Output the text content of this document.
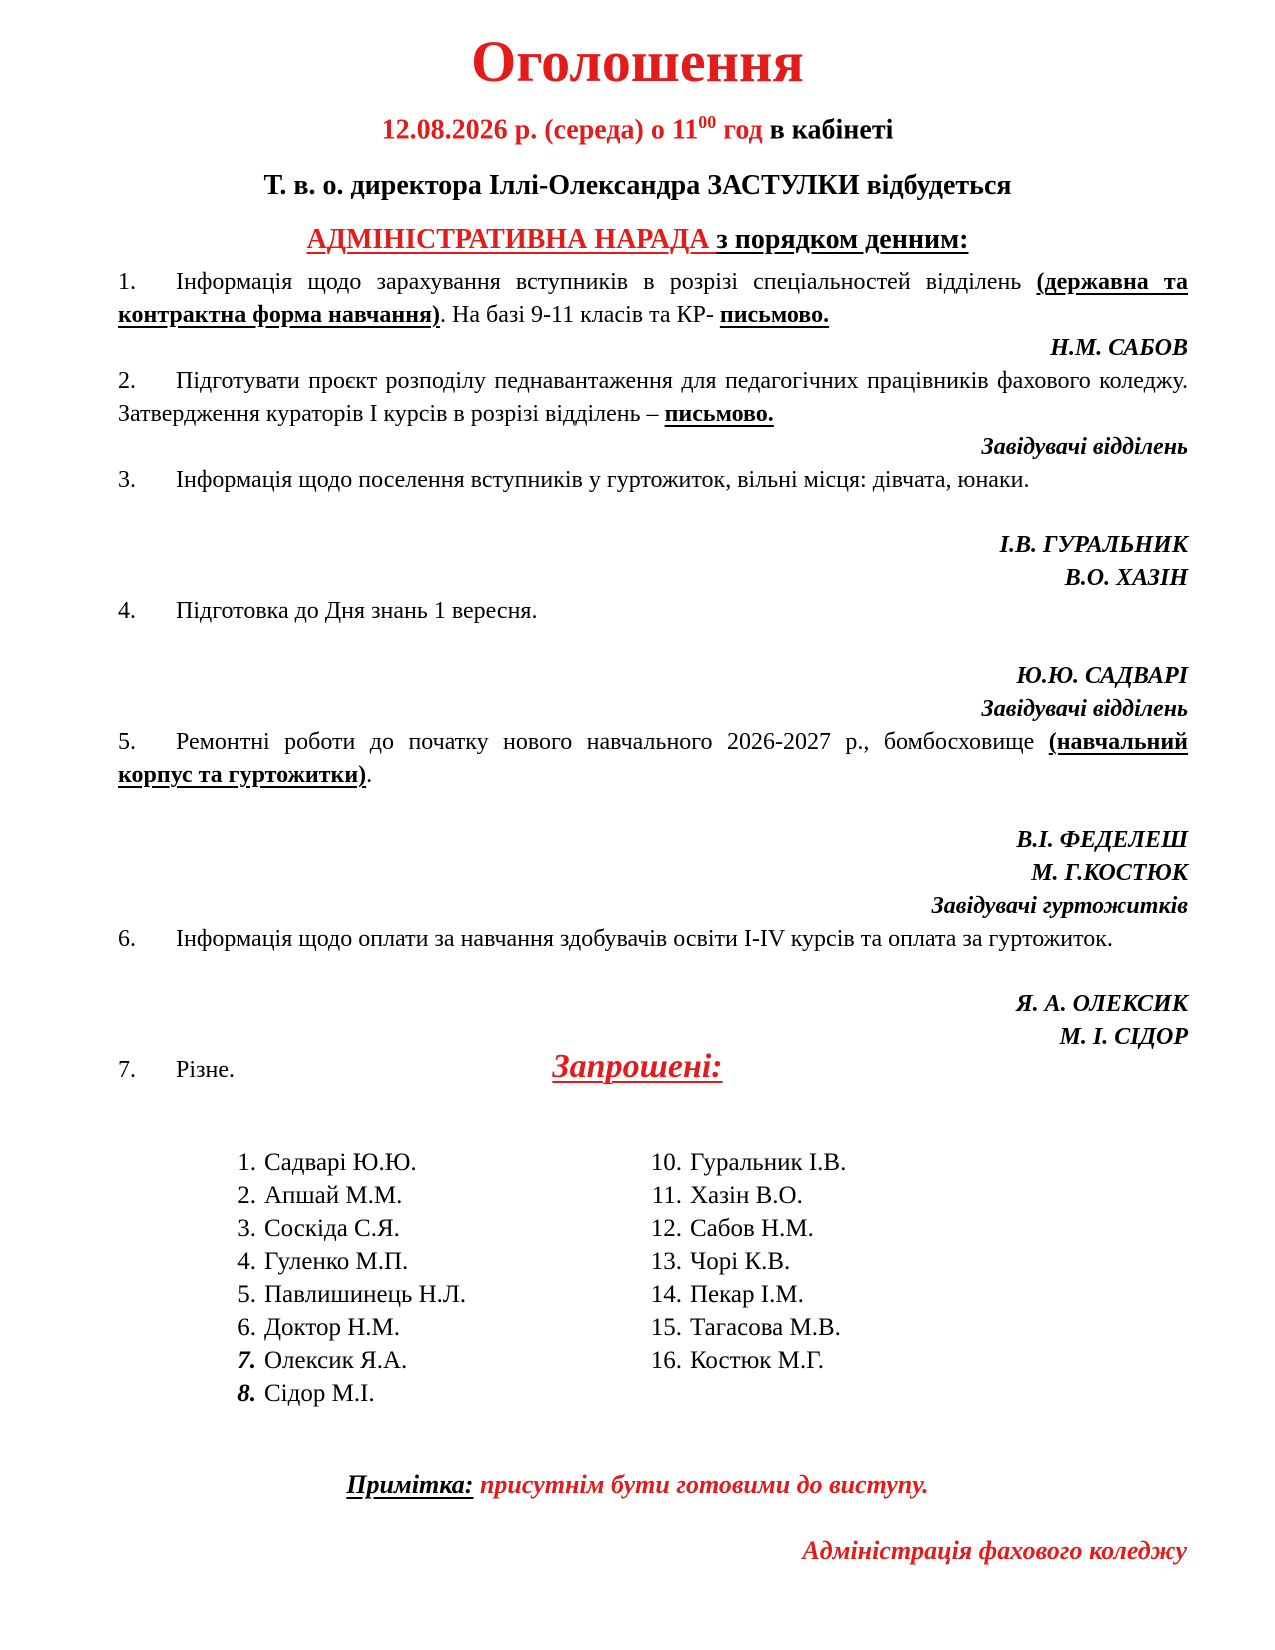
Оголошення
12.08.2026 р. (середа) о $11^{00}$ год в кабінеті
Т. в. о. директора Іллі-Олександра ЗАСТУЛКИ відбудеться
АДМІНІСТРАТИВНА НАРАДА з порядком денним:
1. Інформація щодо зарахування вступників в розрізі спеціальностей відділень (державна та контрактна форма навчання). На базі 9-11 класів та КР- письмово.
Н.М. САБОВ
2. Підготувати проєкт розподілу педнавантаження для педагогічних працівників фахового коледжу. Затвердження кураторів І курсів в розрізі відділень – письмово.
Завідувачі відділень
3. Інформація щодо поселення вступників у гуртожиток, вільні місця: дівчата, юнаки.
І.В. ГУРАЛЬНИК
В.О. ХАЗІН
4. Підготовка до Дня знань 1 вересня.
Ю.Ю. САДВАРІ
Завідувачі відділень
5. Ремонтні роботи до початку нового навчального 2026-2027 р., бомбосховище (навчальний корпус та гуртожитки).
В.І. ФЕДЕЛЕШ
М. Г.КОСТЮК
Завідувачі гуртожитків
6. Інформація щодо оплати за навчання здобувачів освіти I-IV курсів та оплата за гуртожиток.
Я. А. ОЛЕКСИК
М. І. СІДОР
7. Різне.	Запрошені:
1. Садварі Ю.Ю.
2. Апшай М.М.
3. Соскіда С.Я.
4. Гуленко М.П.
5. Павлишинець Н.Л.
6. Доктор Н.М.
7. Олексик Я.А.
8. Сідор М.І.
10. Гуральник І.В.
11. Хазін В.О.
12. Сабов Н.М.
13. Чорі К.В.
14. Пекар І.М.
15. Тагасова М.В.
16. Костюк М.Г.
Примітка: присутнім бути готовими до виступу.
Адміністрація фахового коледжу
